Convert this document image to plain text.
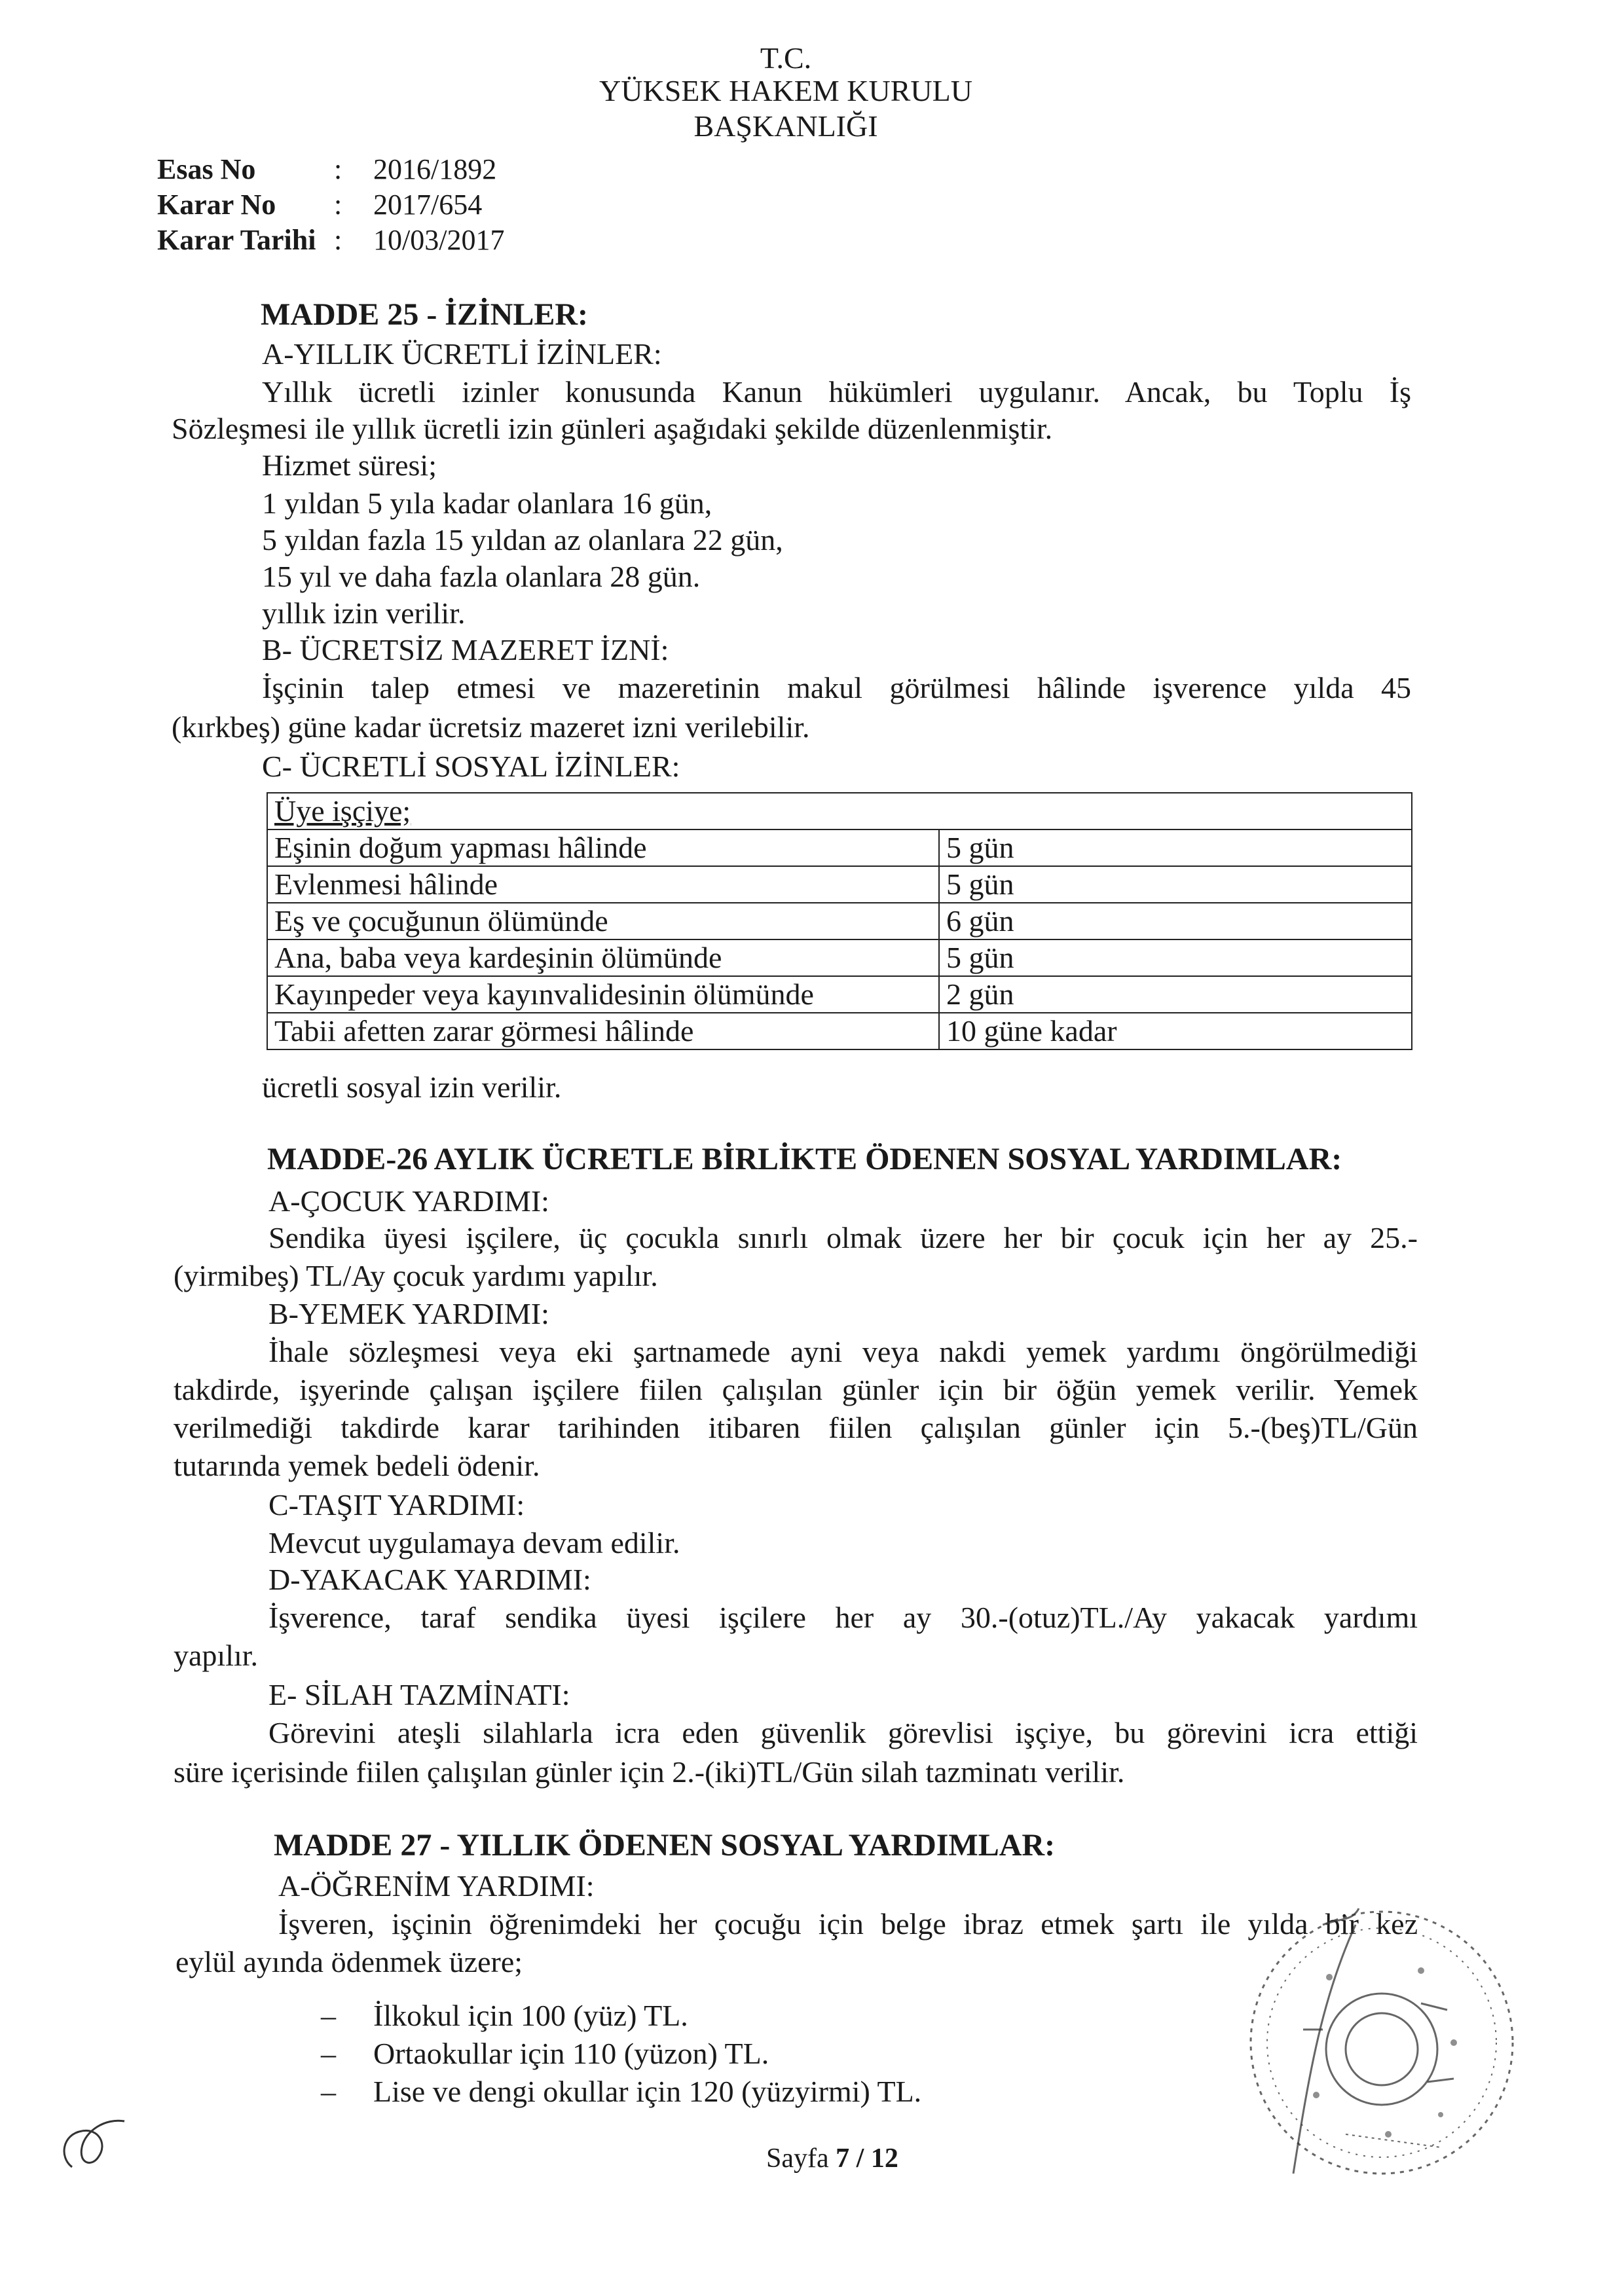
T.C.
YÜKSEK HAKEM KURULU
BAŞKANLIĞI
Esas No	: 2016/1892
Karar No : 2017/654
Karar Tarihi : 10/03/2017
MADDE 25 - İZİNLER:
A-YILLIK ÜCRETLİ İZİNLER:
Yıllık ücretli izinler konusunda Kanun hükümleri uygulanır. Ancak, bu Toplu İş
Sözleşmesi ile yıllık ücretli izin günleri aşağıdaki şekilde düzenlenmiştir.
Hizmet süresi;
1 yıldan 5 yıla kadar olanlara 16 gün,
5 yıldan fazla 15 yıldan az olanlara 22 gün,
15 yıl ve daha fazla olanlara 28 gün.
yıllık izin verilir.
B- ÜCRETSİZ MAZERET İZNİ:
İşçinin talep etmesi ve mazeretinin makul görülmesi hâlinde işverence yılda 45
(kırkbeş) güne kadar ücretsiz mazeret izni verilebilir.
C- ÜCRETLİ SOSYAL İZİNLER:
Üye işçiye;	
Eşinin doğum yapması hâlinde	5 gün
Evlenmesi hâlinde	5 gün
Eş ve çocuğunun ölümünde	6 gün
Ana, baba veya kardeşinin ölümünde	5 gün
Kayınpeder veya kayınvalidesinin ölümünde	2 gün
Tabii afetten zarar görmesi hâlinde	10 güne kadar
ücretli sosyal izin verilir.
MADDE-26 AYLIK ÜCRETLE BİRLİKTE ÖDENEN SOSYAL YARDIMLAR:
A-ÇOCUK YARDIMI:
Sendika üyesi işçilere, üç çocukla sınırlı olmak üzere her bir çocuk için her ay 25.-
(yirmibeş) TL/Ay çocuk yardımı yapılır.
B-YEMEK YARDIMI:
İhale sözleşmesi veya eki şartnamede ayni veya nakdi yemek yardımı öngörülmediği
takdirde, işyerinde çalışan işçilere fiilen çalışılan günler için bir öğün yemek verilir. Yemek
verilmediği takdirde karar tarihinden itibaren fiilen çalışılan günler için 5.-(beş)TL/Gün
tutarında yemek bedeli ödenir.
C-TAŞIT YARDIMI:
Mevcut uygulamaya devam edilir.
D-YAKACAK YARDIMI:
İşverence, taraf sendika üyesi işçilere her ay 30.-(otuz)TL./Ay yakacak yardımı
yapılır.
E- SİLAH TAZMİNATI:
Görevini ateşli silahlarla icra eden güvenlik görevlisi işçiye, bu görevini icra ettiği
süre içerisinde fiilen çalışılan günler için 2.-(iki)TL/Gün silah tazminatı verilir.
MADDE 27 - YILLIK ÖDENEN SOSYAL YARDIMLAR:
A-ÖĞRENİM YARDIMI:
İşveren, işçinin öğrenimdeki her çocuğu için belge ibraz etmek şartı ile yılda bir kez
eylül ayında ödenmek üzere;
– İlkokul için 100 (yüz) TL.
– Ortaokullar için 110 (yüzon) TL.
– Lise ve dengi okullar için 120 (yüzyirmi) TL.
Sayfa 7 / 12
